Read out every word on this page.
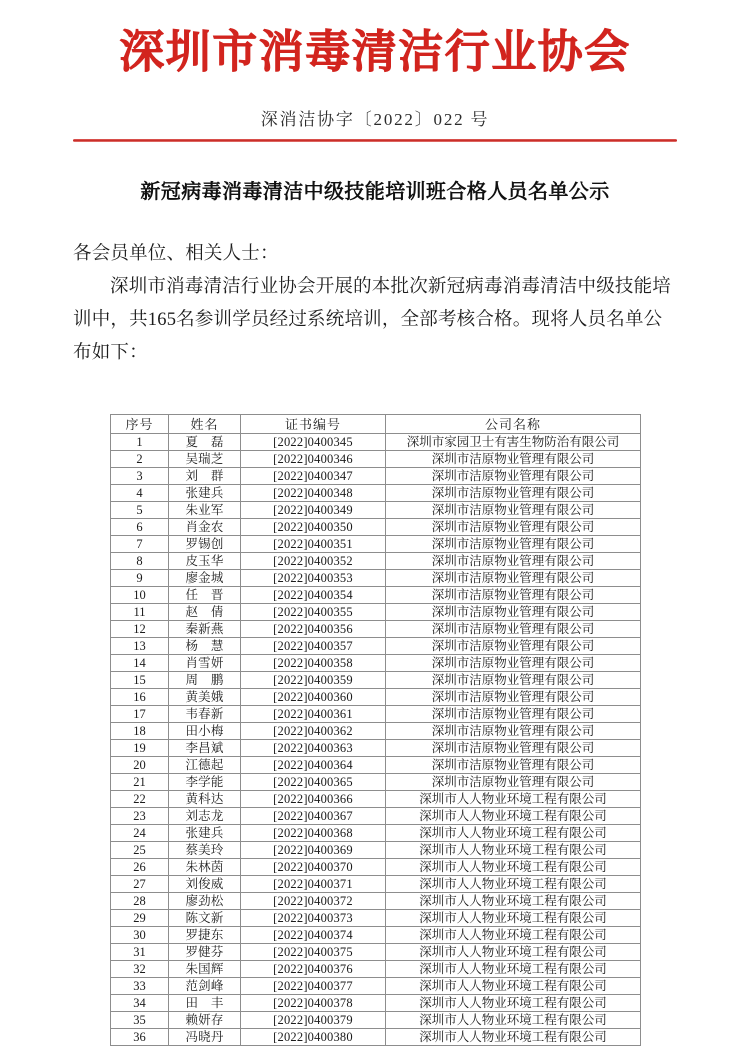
深圳市消毒清洁行业协会
深消洁协字〔2022〕022 号
新冠病毒消毒清洁中级技能培训班合格人员名单公示

各会员单位、相关人士：

深圳市消毒清洁行业协会开展的本批次新冠病毒消毒清洁中级技能培训中，共165名参训学员经过系统培训，全部考核合格。现将人员名单公布如下：

序号	姓名	证书编号	公司名称
1	夏　磊	[2022]0400345	深圳市家园卫士有害生物防治有限公司
2	吴瑞芝	[2022]0400346	深圳市洁原物业管理有限公司
3	刘　群	[2022]0400347	深圳市洁原物业管理有限公司
4	张建兵	[2022]0400348	深圳市洁原物业管理有限公司
5	朱业军	[2022]0400349	深圳市洁原物业管理有限公司
6	肖金农	[2022]0400350	深圳市洁原物业管理有限公司
7	罗锡创	[2022]0400351	深圳市洁原物业管理有限公司
8	皮玉华	[2022]0400352	深圳市洁原物业管理有限公司
9	廖金城	[2022]0400353	深圳市洁原物业管理有限公司
10	任　晋	[2022]0400354	深圳市洁原物业管理有限公司
11	赵　倩	[2022]0400355	深圳市洁原物业管理有限公司
12	秦新燕	[2022]0400356	深圳市洁原物业管理有限公司
13	杨　慧	[2022]0400357	深圳市洁原物业管理有限公司
14	肖雪妍	[2022]0400358	深圳市洁原物业管理有限公司
15	周　鹏	[2022]0400359	深圳市洁原物业管理有限公司
16	黄美娥	[2022]0400360	深圳市洁原物业管理有限公司
17	韦春新	[2022]0400361	深圳市洁原物业管理有限公司
18	田小梅	[2022]0400362	深圳市洁原物业管理有限公司
19	李昌斌	[2022]0400363	深圳市洁原物业管理有限公司
20	江德起	[2022]0400364	深圳市洁原物业管理有限公司
21	李学能	[2022]0400365	深圳市洁原物业管理有限公司
22	黄科达	[2022]0400366	深圳市人人物业环境工程有限公司
23	刘志龙	[2022]0400367	深圳市人人物业环境工程有限公司
24	张建兵	[2022]0400368	深圳市人人物业环境工程有限公司
25	蔡美玲	[2022]0400369	深圳市人人物业环境工程有限公司
26	朱林茵	[2022]0400370	深圳市人人物业环境工程有限公司
27	刘俊威	[2022]0400371	深圳市人人物业环境工程有限公司
28	廖劲松	[2022]0400372	深圳市人人物业环境工程有限公司
29	陈文新	[2022]0400373	深圳市人人物业环境工程有限公司
30	罗捷东	[2022]0400374	深圳市人人物业环境工程有限公司
31	罗健芬	[2022]0400375	深圳市人人物业环境工程有限公司
32	朱国辉	[2022]0400376	深圳市人人物业环境工程有限公司
33	范剑峰	[2022]0400377	深圳市人人物业环境工程有限公司
34	田　丰	[2022]0400378	深圳市人人物业环境工程有限公司
35	赖妍存	[2022]0400379	深圳市人人物业环境工程有限公司
36	冯晓丹	[2022]0400380	深圳市人人物业环境工程有限公司
